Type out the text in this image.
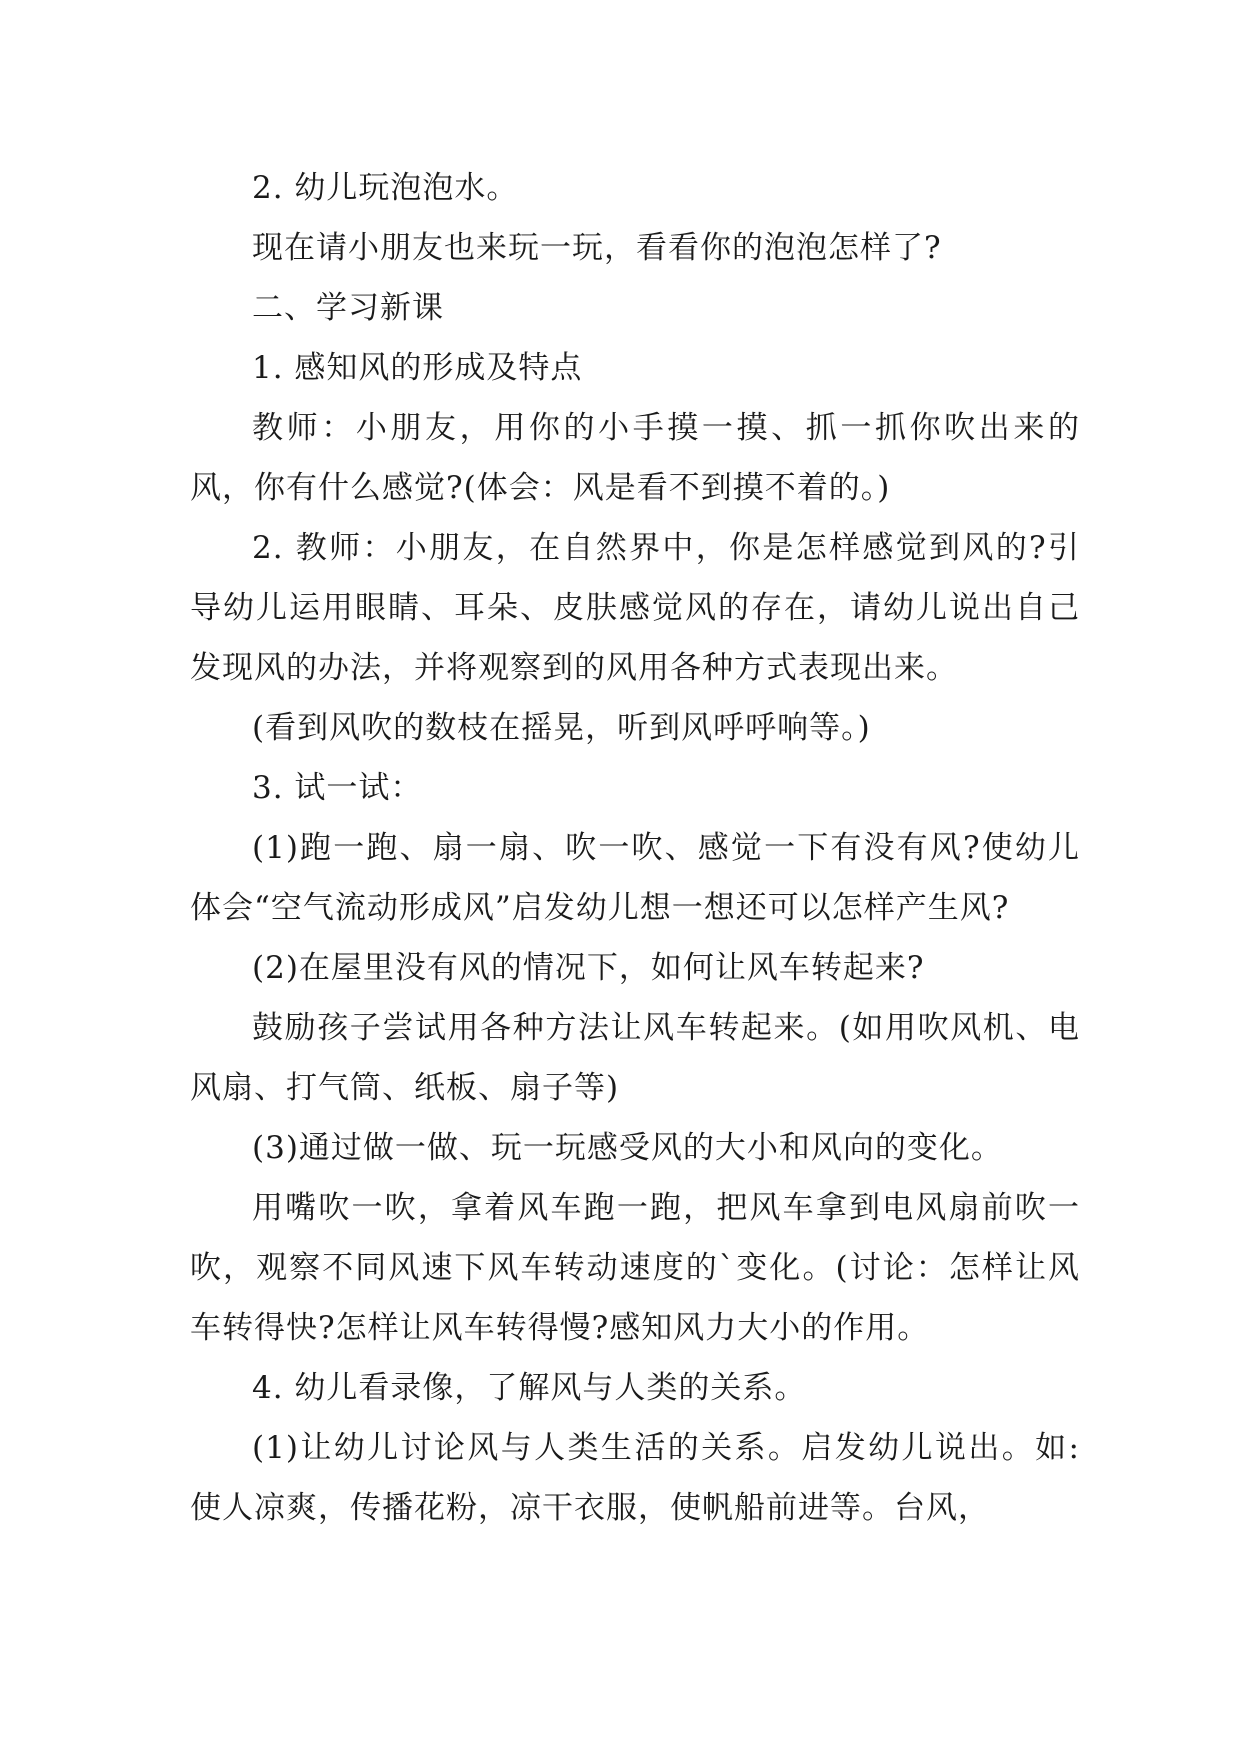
2. 幼儿玩泡泡水。

现在请小朋友也来玩一玩，看看你的泡泡怎样了?

二、学习新课

1. 感知风的形成及特点

教师：小朋友，用你的小手摸一摸、抓一抓你吹出来的风，你有什么感觉?(体会：风是看不到摸不着的。)

2. 教师：小朋友，在自然界中，你是怎样感觉到风的?引导幼儿运用眼睛、耳朵、皮肤感觉风的存在，请幼儿说出自己发现风的办法，并将观察到的风用各种方式表现出来。

(看到风吹的数枝在摇晃，听到风呼呼响等。)

3. 试一试：

(1)跑一跑、扇一扇、吹一吹、感觉一下有没有风?使幼儿体会“空气流动形成风”启发幼儿想一想还可以怎样产生风?

(2)在屋里没有风的情况下，如何让风车转起来?

鼓励孩子尝试用各种方法让风车转起来。(如用吹风机、电风扇、打气筒、纸板、扇子等)

(3)通过做一做、玩一玩感受风的大小和风向的变化。

用嘴吹一吹，拿着风车跑一跑，把风车拿到电风扇前吹一吹，观察不同风速下风车转动速度的`变化。(讨论：怎样让风车转得快?怎样让风车转得慢?感知风力大小的作用。

4. 幼儿看录像，了解风与人类的关系。

(1)让幼儿讨论风与人类生活的关系。启发幼儿说出。如: 使人凉爽，传播花粉，凉干衣服，使帆船前进等。台风，
